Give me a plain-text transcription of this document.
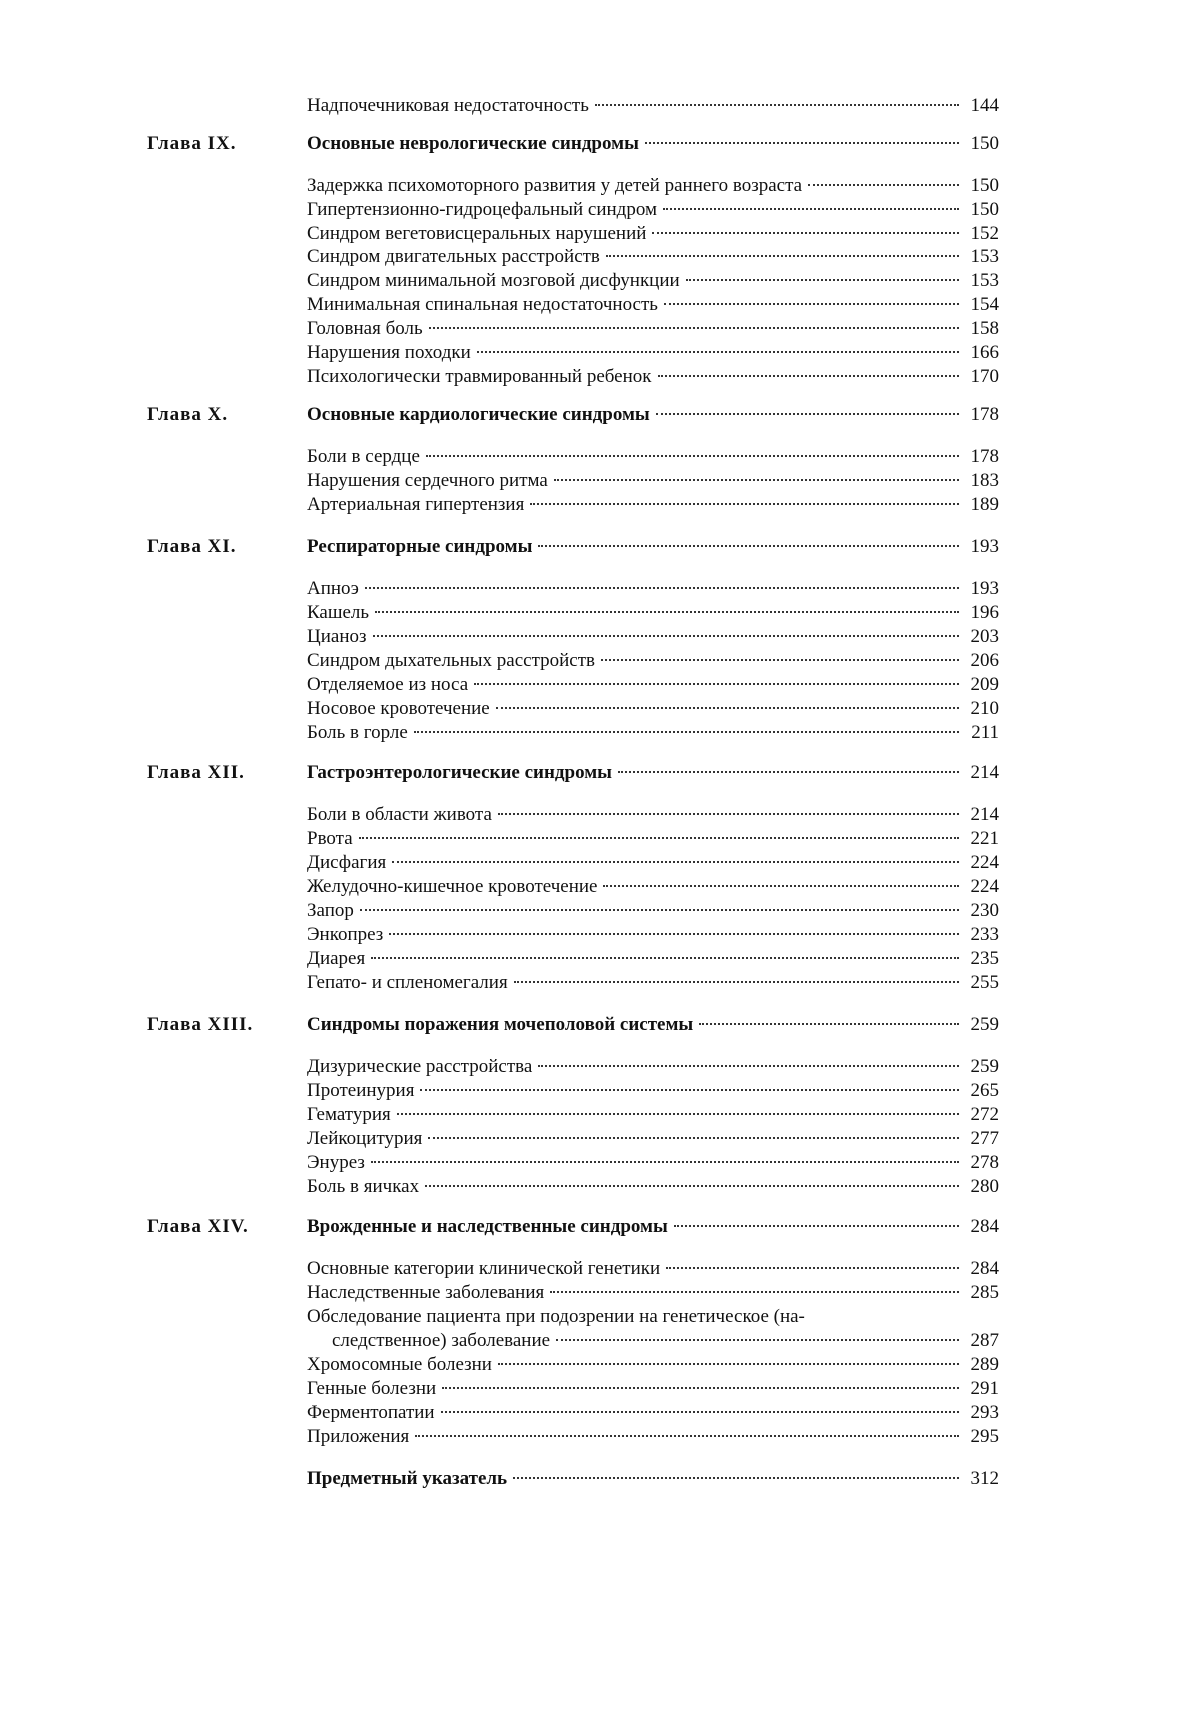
Надпочечниковая недостаточность	144
Глава IX.	Основные неврологические синдромы	150
Задержка психомоторного развития у детей раннего возраста	150
Гипертензионно-гидроцефальный синдром	150
Синдром вегетовисцеральных нарушений	152
Синдром двигательных расстройств	153
Синдром минимальной мозговой дисфункции	153
Минимальная спинальная недостаточность	154
Головная боль	158
Нарушения походки	166
Психологически травмированный ребенок	170
Глава X.	Основные кардиологические синдромы	178
Боли в сердце	178
Нарушения сердечного ритма	183
Артериальная гипертензия	189
Глава XI.	Респираторные синдромы	193
Апноэ	193
Кашель	196
Цианоз	203
Синдром дыхательных расстройств	206
Отделяемое из носа	209
Носовое кровотечение	210
Боль в горле	211
Глава XII.	Гастроэнтерологические синдромы	214
Боли в области живота	214
Рвота	221
Дисфагия	224
Желудочно-кишечное кровотечение	224
Запор	230
Энкопрез	233
Диарея	235
Гепато- и спленомегалия	255
Глава XIII.	Синдромы поражения мочеполовой системы	259
Дизурические расстройства	259
Протеинурия	265
Гематурия	272
Лейкоцитурия	277
Энурез	278
Боль в яичках	280
Глава XIV.	Врожденные и наследственные синдромы	284
Основные категории клинической генетики	284
Наследственные заболевания	285
Обследование пациента при подозрении на генетическое (на-
следственное) заболевание	287
Хромосомные болезни	289
Генные болезни	291
Ферментопатии	293
Приложения	295
Предметный указатель	312
